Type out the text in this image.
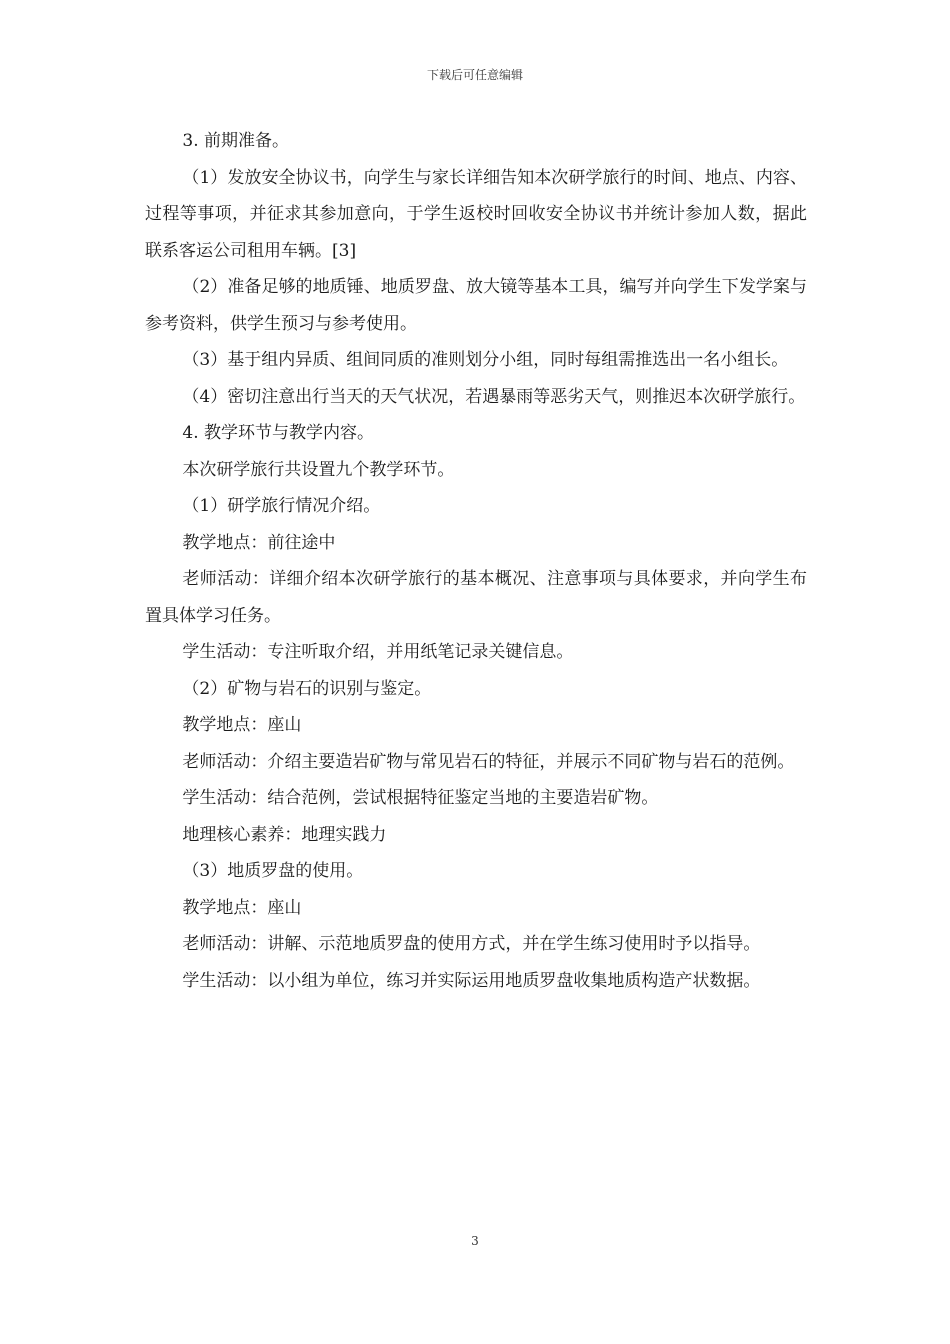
下载后可任意编辑

3. 前期准备。

（1）发放安全协议书，向学生与家长详细告知本次研学旅行的时间、地点、内容、过程等事项，并征求其参加意向，于学生返校时回收安全协议书并统计参加人数，据此联系客运公司租用车辆。[3]

（2）准备足够的地质锤、地质罗盘、放大镜等基本工具，编写并向学生下发学案与参考资料，供学生预习与参考使用。

（3）基于组内异质、组间同质的准则划分小组，同时每组需推选出一名小组长。

（4）密切注意出行当天的天气状况，若遇暴雨等恶劣天气，则推迟本次研学旅行。

4. 教学环节与教学内容。

本次研学旅行共设置九个教学环节。

（1）研学旅行情况介绍。

教学地点：前往途中

老师活动：详细介绍本次研学旅行的基本概况、注意事项与具体要求，并向学生布置具体学习任务。

学生活动：专注听取介绍，并用纸笔记录关键信息。

（2）矿物与岩石的识别与鉴定。

教学地点：座山

老师活动：介绍主要造岩矿物与常见岩石的特征，并展示不同矿物与岩石的范例。

学生活动：结合范例，尝试根据特征鉴定当地的主要造岩矿物。

地理核心素养：地理实践力

（3）地质罗盘的使用。

教学地点：座山

老师活动：讲解、示范地质罗盘的使用方式，并在学生练习使用时予以指导。

学生活动：以小组为单位，练习并实际运用地质罗盘收集地质构造产状数据。

3
